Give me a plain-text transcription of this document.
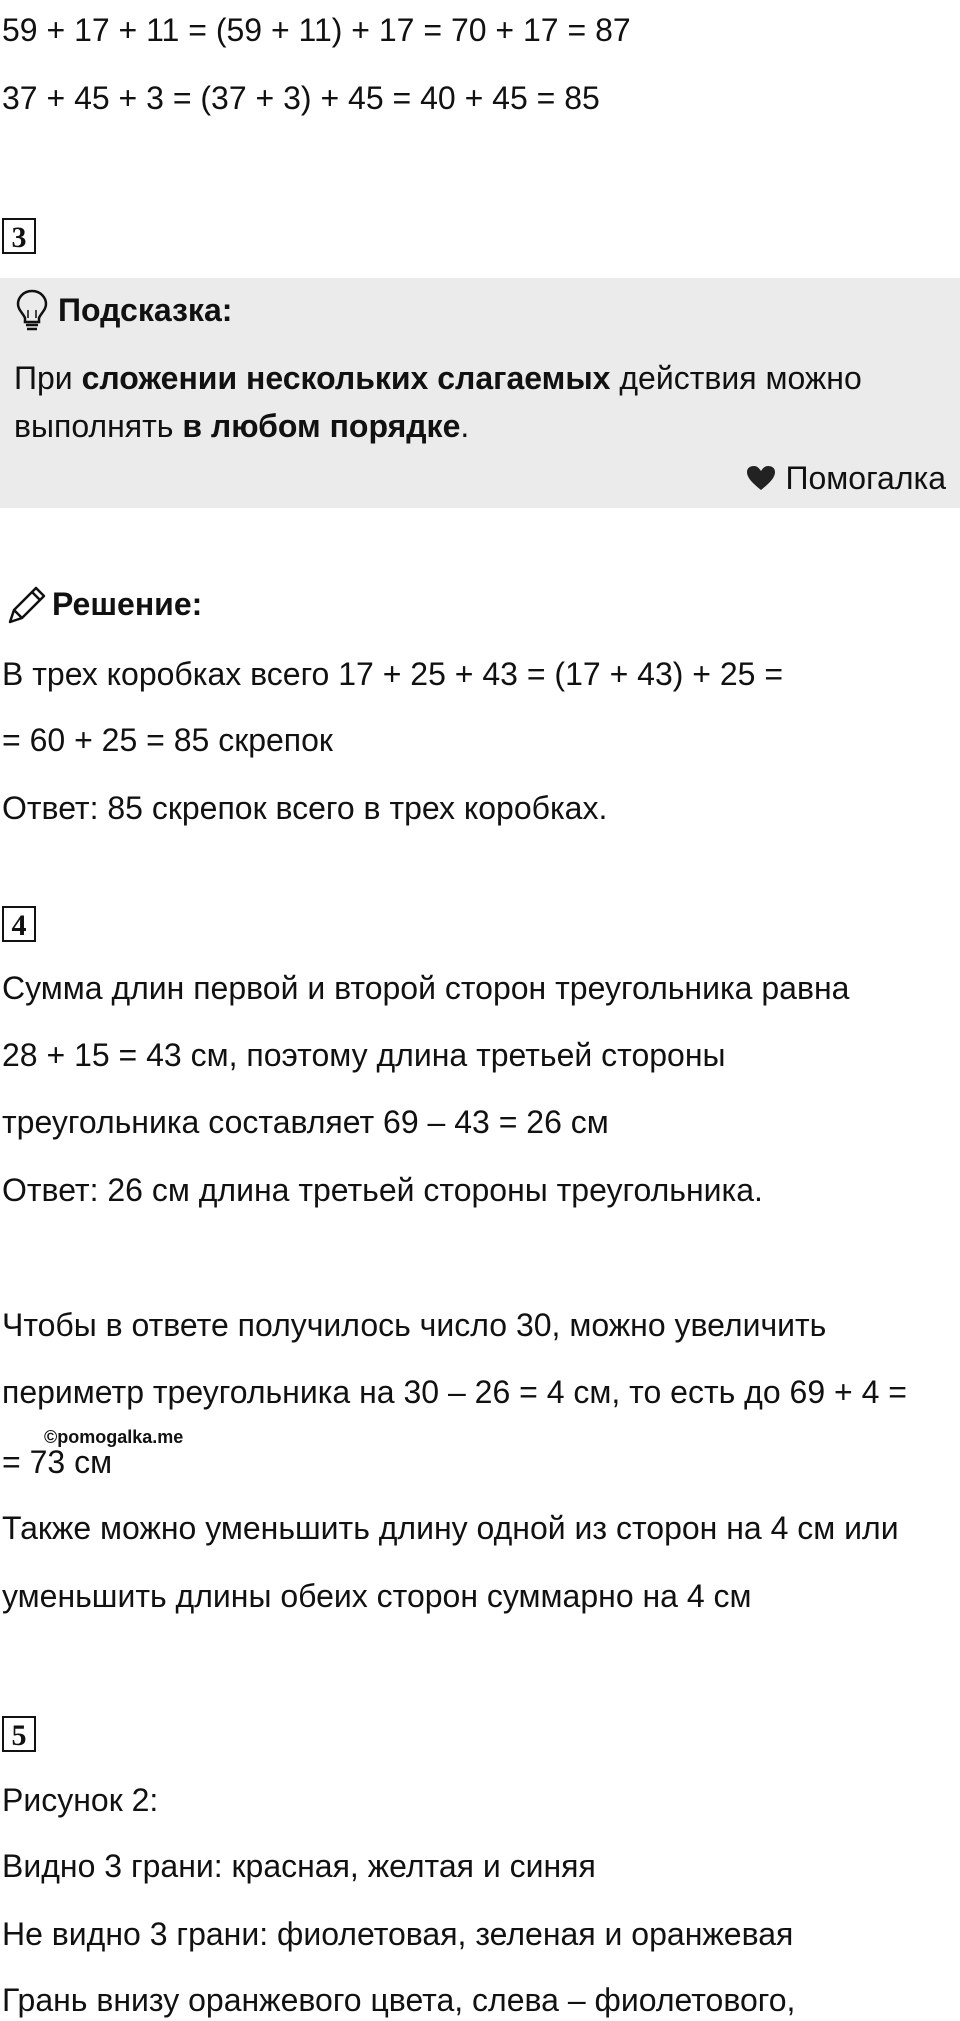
59 + 17 + 11 = (59 + 11) + 17 = 70 + 17 = 87
37 + 45 + 3 = (37 + 3) + 45 = 40 + 45 = 85
3
Подсказка:
При сложении нескольких слагаемых действия можно
выполнять в любом порядке.
Помогалка
Решение:
В трех коробках всего 17 + 25 + 43 = (17 + 43) + 25 =
= 60 + 25 = 85 скрепок
Ответ: 85 скрепок всего в трех коробках.
4
Сумма длин первой и второй сторон треугольника равна
28 + 15 = 43 см, поэтому длина третьей стороны
треугольника составляет 69 – 43 = 26 см
Ответ: 26 см длина третьей стороны треугольника.
Чтобы в ответе получилось число 30, можно увеличить
периметр треугольника на 30 – 26 = 4 см, то есть до 69 + 4 =
= 73 см
©pomogalka.me
Также можно уменьшить длину одной из сторон на 4 см или
уменьшить длины обеих сторон суммарно на 4 см
5
Рисунок 2:
Видно 3 грани: красная, желтая и синяя
Не видно 3 грани: фиолетовая, зеленая и оранжевая
Грань внизу оранжевого цвета, слева – фиолетового,
